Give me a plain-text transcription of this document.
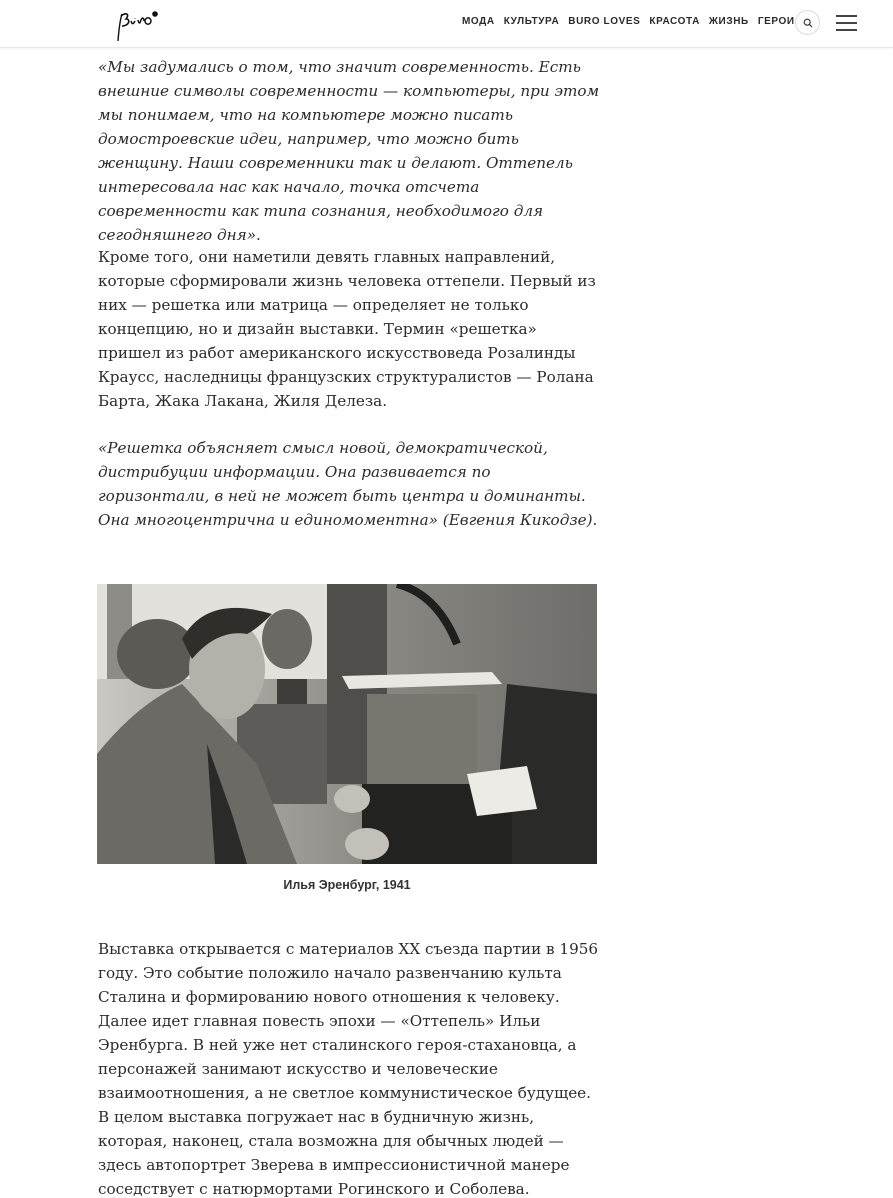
МОДА КУЛЬТУРА BURO LOVES КРАСОТА ЖИЗНЬ ГЕРОИ

«Мы задумались о том, что значит современность. Есть внешние символы современности — компьютеры, при этом мы понимаем, что на компьютере можно писать домостроевские идеи, например, что можно бить женщину. Наши современники так и делают. Оттепель интересовала нас как начало, точка отсчета современности как типа сознания, необходимого для сегодняшнего дня».

Кроме того, они наметили девять главных направлений, которые сформировали жизнь человека оттепели. Первый из них — решетка или матрица — определяет не только концепцию, но и дизайн выставки. Термин «решетка» пришел из работ американского искусствоведа Розалинды Краусс, наследницы французских структуралистов — Ролана Барта, Жака Лакана, Жиля Делеза.

«Решетка объясняет смысл новой, демократической, дистрибуции информации. Она развивается по горизонтали, в ней не может быть центра и доминанты. Она многоцентрична и единомоментна» (Евгения Кикодзе).

Илья Эренбург, 1941

Выставка открывается с материалов XX съезда партии в 1956 году. Это событие положило начало развенчанию культа Сталина и формированию нового отношения к человеку. Далее идет главная повесть эпохи — «Оттепель» Ильи Эренбурга. В ней уже нет сталинского героя-стахановца, а персонажей занимают искусство и человеческие взаимоотношения, а не светлое коммунистическое будущее. В целом выставка погружает нас в будничную жизнь, которая, наконец, стала возможна для обычных людей — здесь автопортрет Зверева в импрессионистичной манере соседствует с натюрмортами Рогинского и Соболева.
